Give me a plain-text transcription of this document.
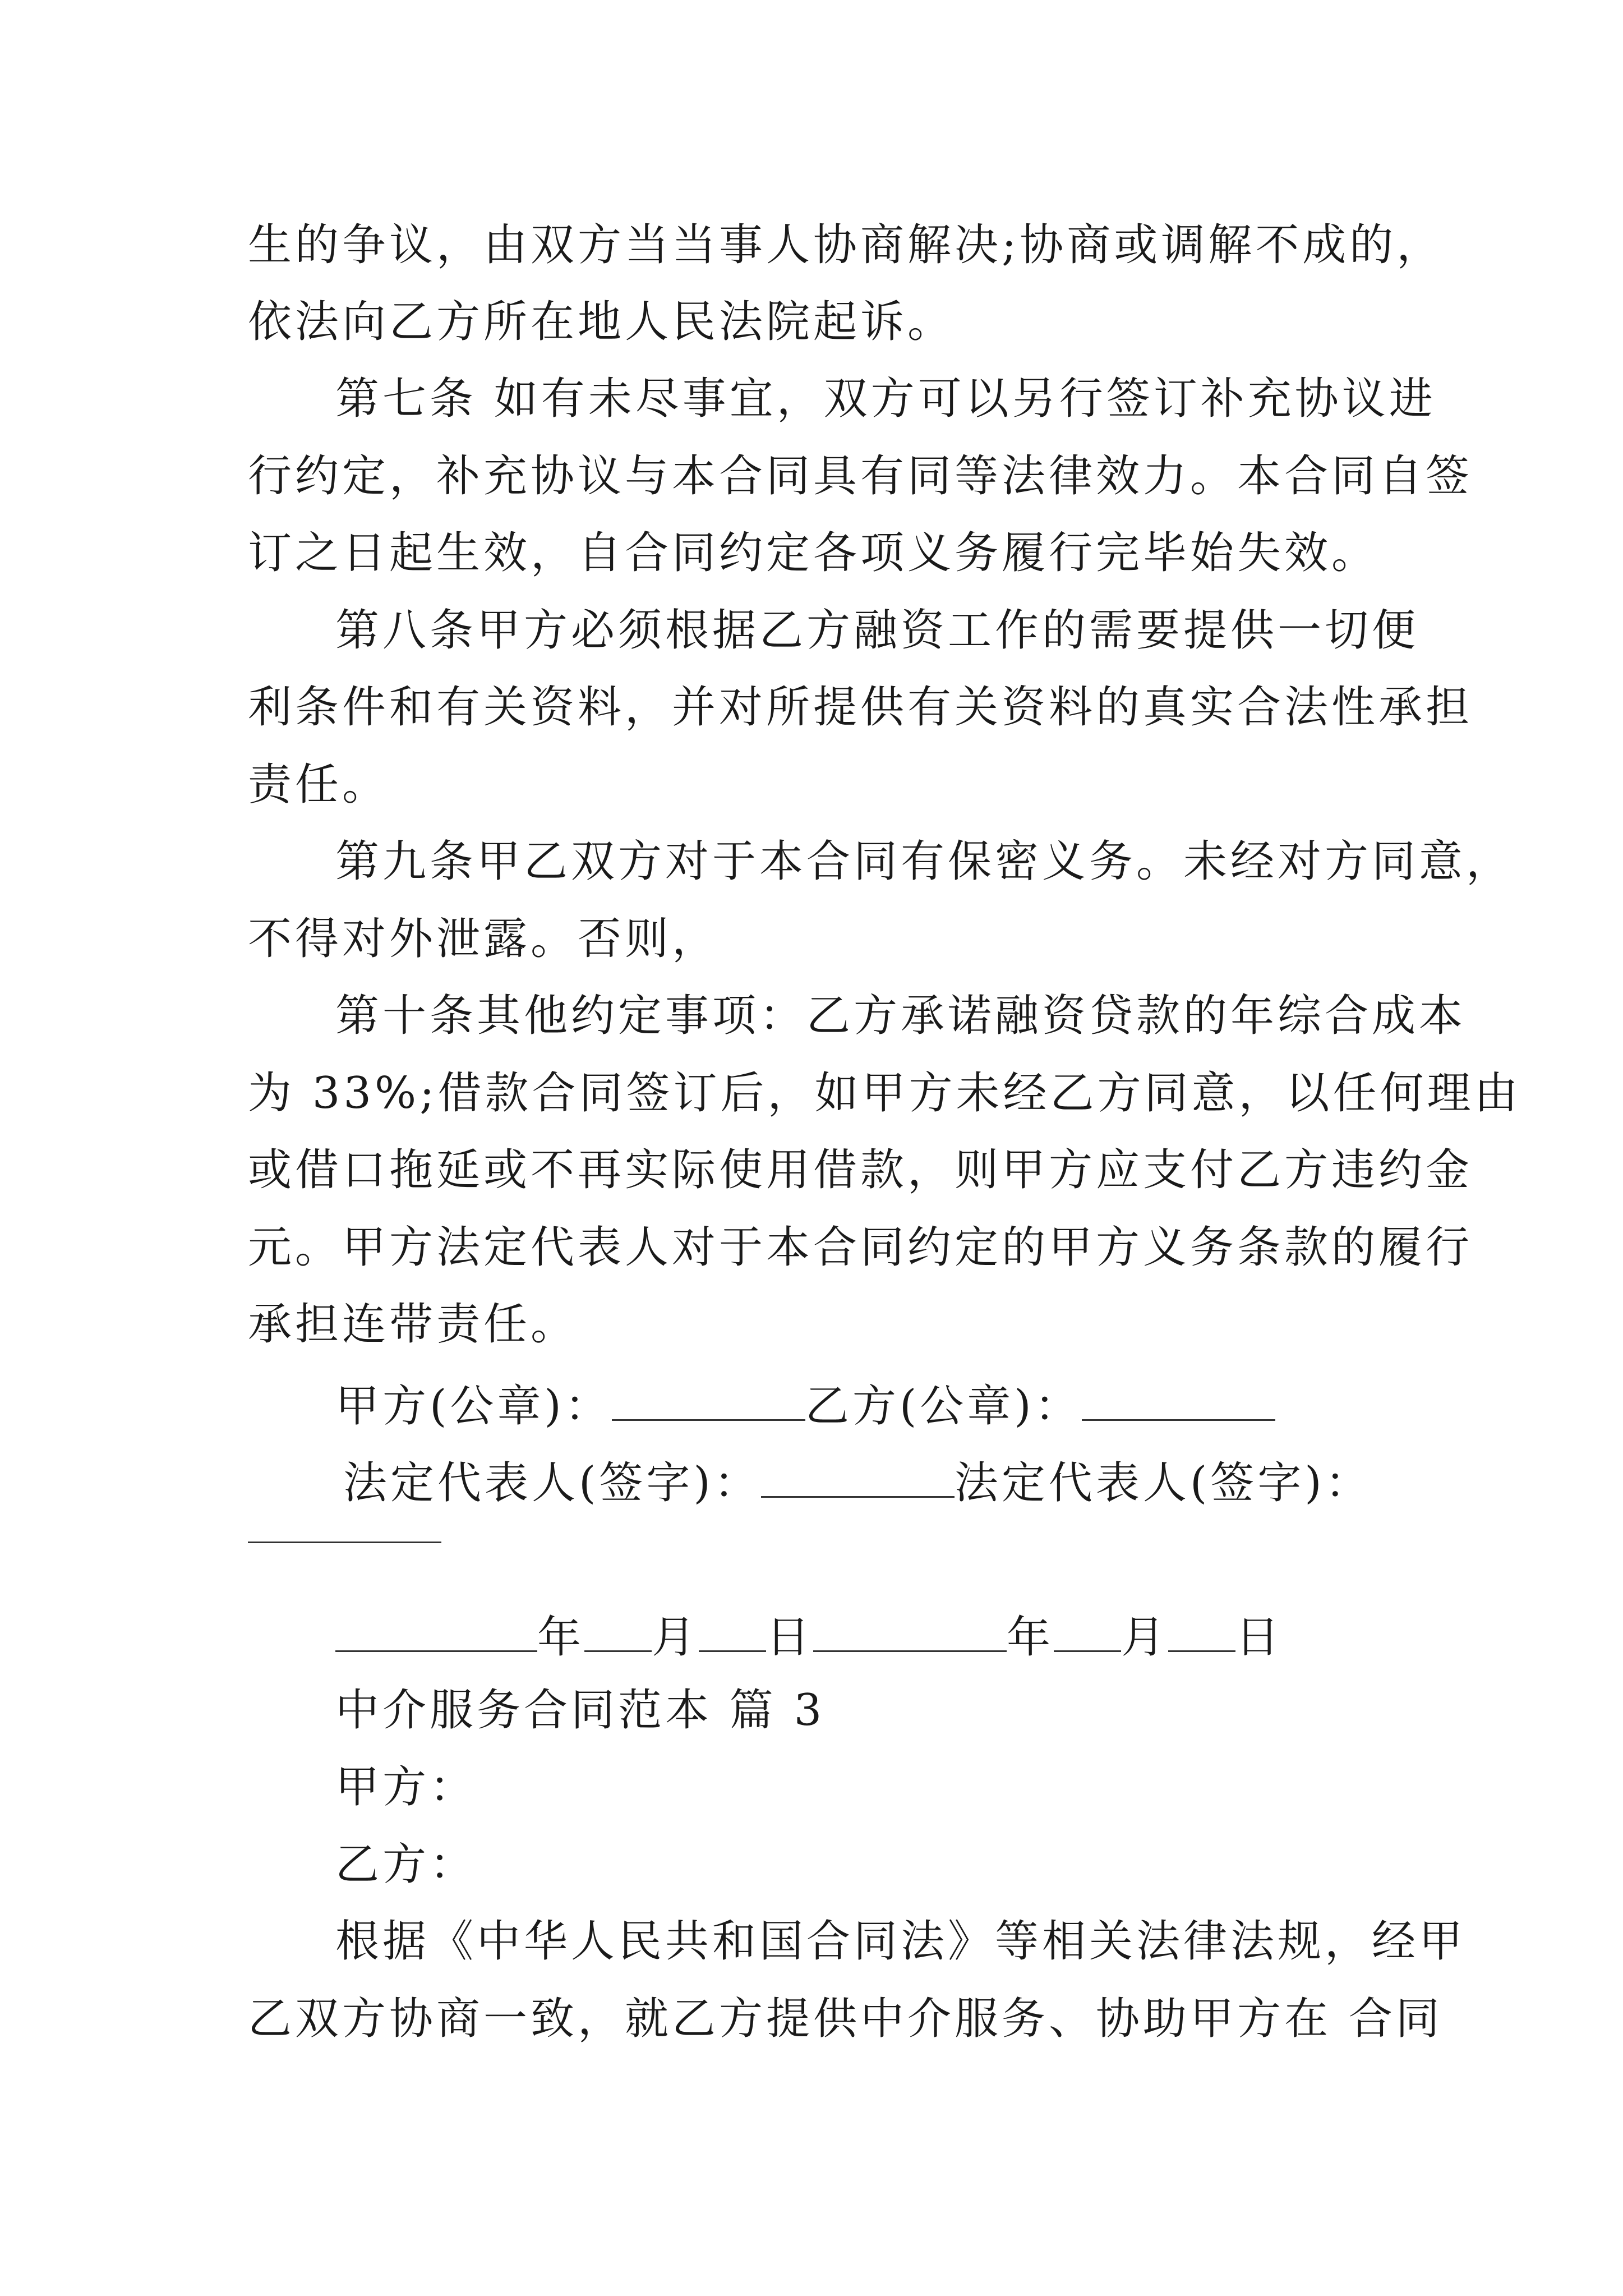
生的争议，由双方当当事人协商解决;协商或调解不成的，
依法向乙方所在地人民法院起诉。
第七条 如有未尽事宜，双方可以另行签订补充协议进
行约定，补充协议与本合同具有同等法律效力。本合同自签
订之日起生效，自合同约定各项义务履行完毕始失效。
第八条甲方必须根据乙方融资工作的需要提供一切便
利条件和有关资料，并对所提供有关资料的真实合法性承担
责任。
第九条甲乙双方对于本合同有保密义务。未经对方同意，
不得对外泄露。否则，
第十条其他约定事项：乙方承诺融资贷款的年综合成本
为 33%;借款合同签订后，如甲方未经乙方同意，以任何理由
或借口拖延或不再实际使用借款，则甲方应支付乙方违约金
元。甲方法定代表人对于本合同约定的甲方义务条款的履行
承担连带责任。
甲方(公章)：	乙方(公章)：
法定代表人(签字)：	法定代表人(签字)：
年 月 日	年 月 日
中介服务合同范本 篇 3
甲方：
乙方：
根据《中华人民共和国合同法》等相关法律法规，经甲
乙双方协商一致，就乙方提供中介服务、协助甲方在 合同
